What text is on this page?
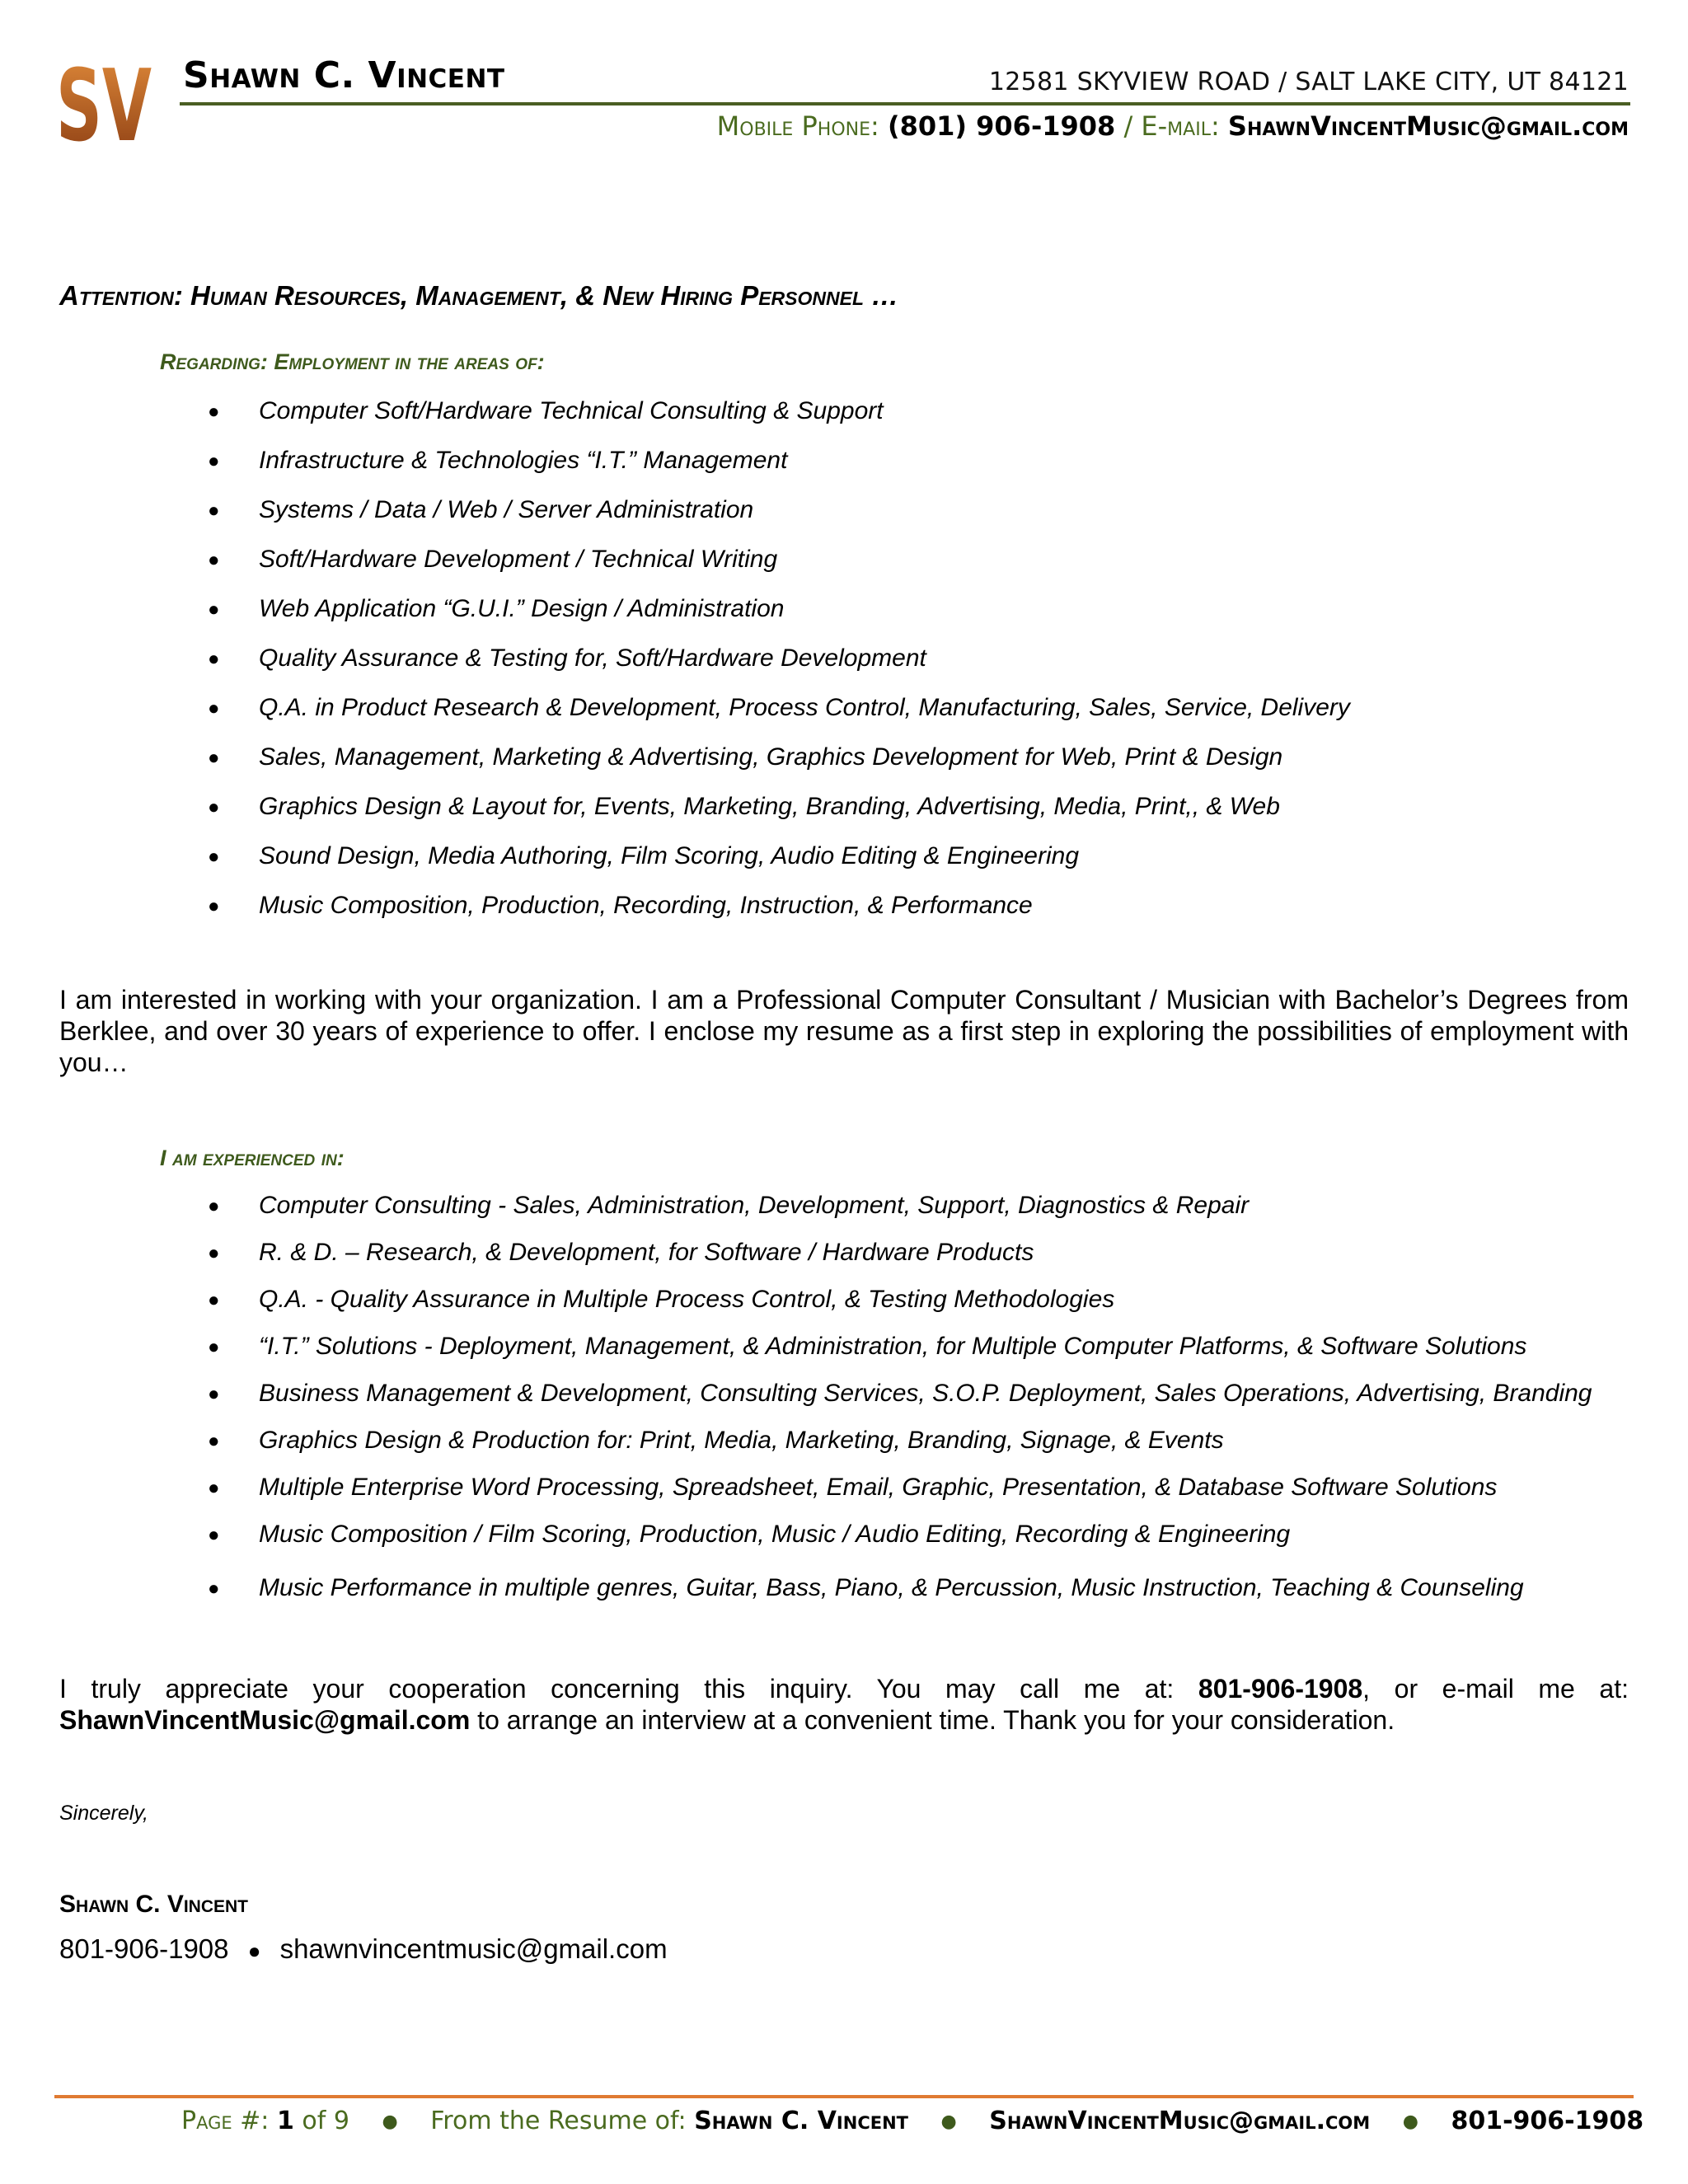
SV Shawn C. Vincent	12581 SKYVIEW ROAD / SALT LAKE CITY, UT 84121
Mobile Phone: (801) 906-1908 / E-mail: ShawnVincentMusic@gmail.com
Attention: Human Resources, Management, & New Hiring Personnel …
Regarding: Employment in the areas of:
● Computer Soft/Hardware Technical Consulting & Support
● Infrastructure & Technologies “I.T.” Management
● Systems / Data / Web / Server Administration
● Soft/Hardware Development / Technical Writing
● Web Application “G.U.I.” Design / Administration
● Quality Assurance & Testing for, Soft/Hardware Development
● Q.A. in Product Research & Development, Process Control, Manufacturing, Sales, Service, Delivery
● Sales, Management, Marketing & Advertising, Graphics Development for Web, Print & Design
● Graphics Design & Layout for, Events, Marketing, Branding, Advertising, Media, Print,, & Web
● Sound Design, Media Authoring, Film Scoring, Audio Editing & Engineering
● Music Composition, Production, Recording, Instruction, & Performance
I am interested in working with your organization. I am a Professional Computer Consultant / Musician with Bachelor’s Degrees from Berklee, and over 30 years of experience to offer. I enclose my resume as a first step in exploring the possibilities of employment with you…
I am experienced in:
● Computer Consulting - Sales, Administration, Development, Support, Diagnostics & Repair
● R. & D. – Research, & Development, for Software / Hardware Products
● Q.A. - Quality Assurance in Multiple Process Control, & Testing Methodologies
● “I.T.” Solutions - Deployment, Management, & Administration, for Multiple Computer Platforms, & Software Solutions
● Business Management & Development, Consulting Services, S.O.P. Deployment, Sales Operations, Advertising, Branding
● Graphics Design & Production for: Print, Media, Marketing, Branding, Signage, & Events
● Multiple Enterprise Word Processing, Spreadsheet, Email, Graphic, Presentation, & Database Software Solutions
● Music Composition / Film Scoring, Production, Music / Audio Editing, Recording & Engineering
● Music Performance in multiple genres, Guitar, Bass, Piano, & Percussion, Music Instruction, Teaching & Counseling
I truly appreciate your cooperation concerning this inquiry. You may call me at: 801-906-1908, or e-mail me at: ShawnVincentMusic@gmail.com to arrange an interview at a convenient time. Thank you for your consideration.
Sincerely,
Shawn C. Vincent
801-906-1908 ● shawnvincentmusic@gmail.com
Page #: 1 of 9 ● From the Resume of: Shawn C. Vincent ● ShawnVincentMusic@gmail.com ● 801-906-1908
